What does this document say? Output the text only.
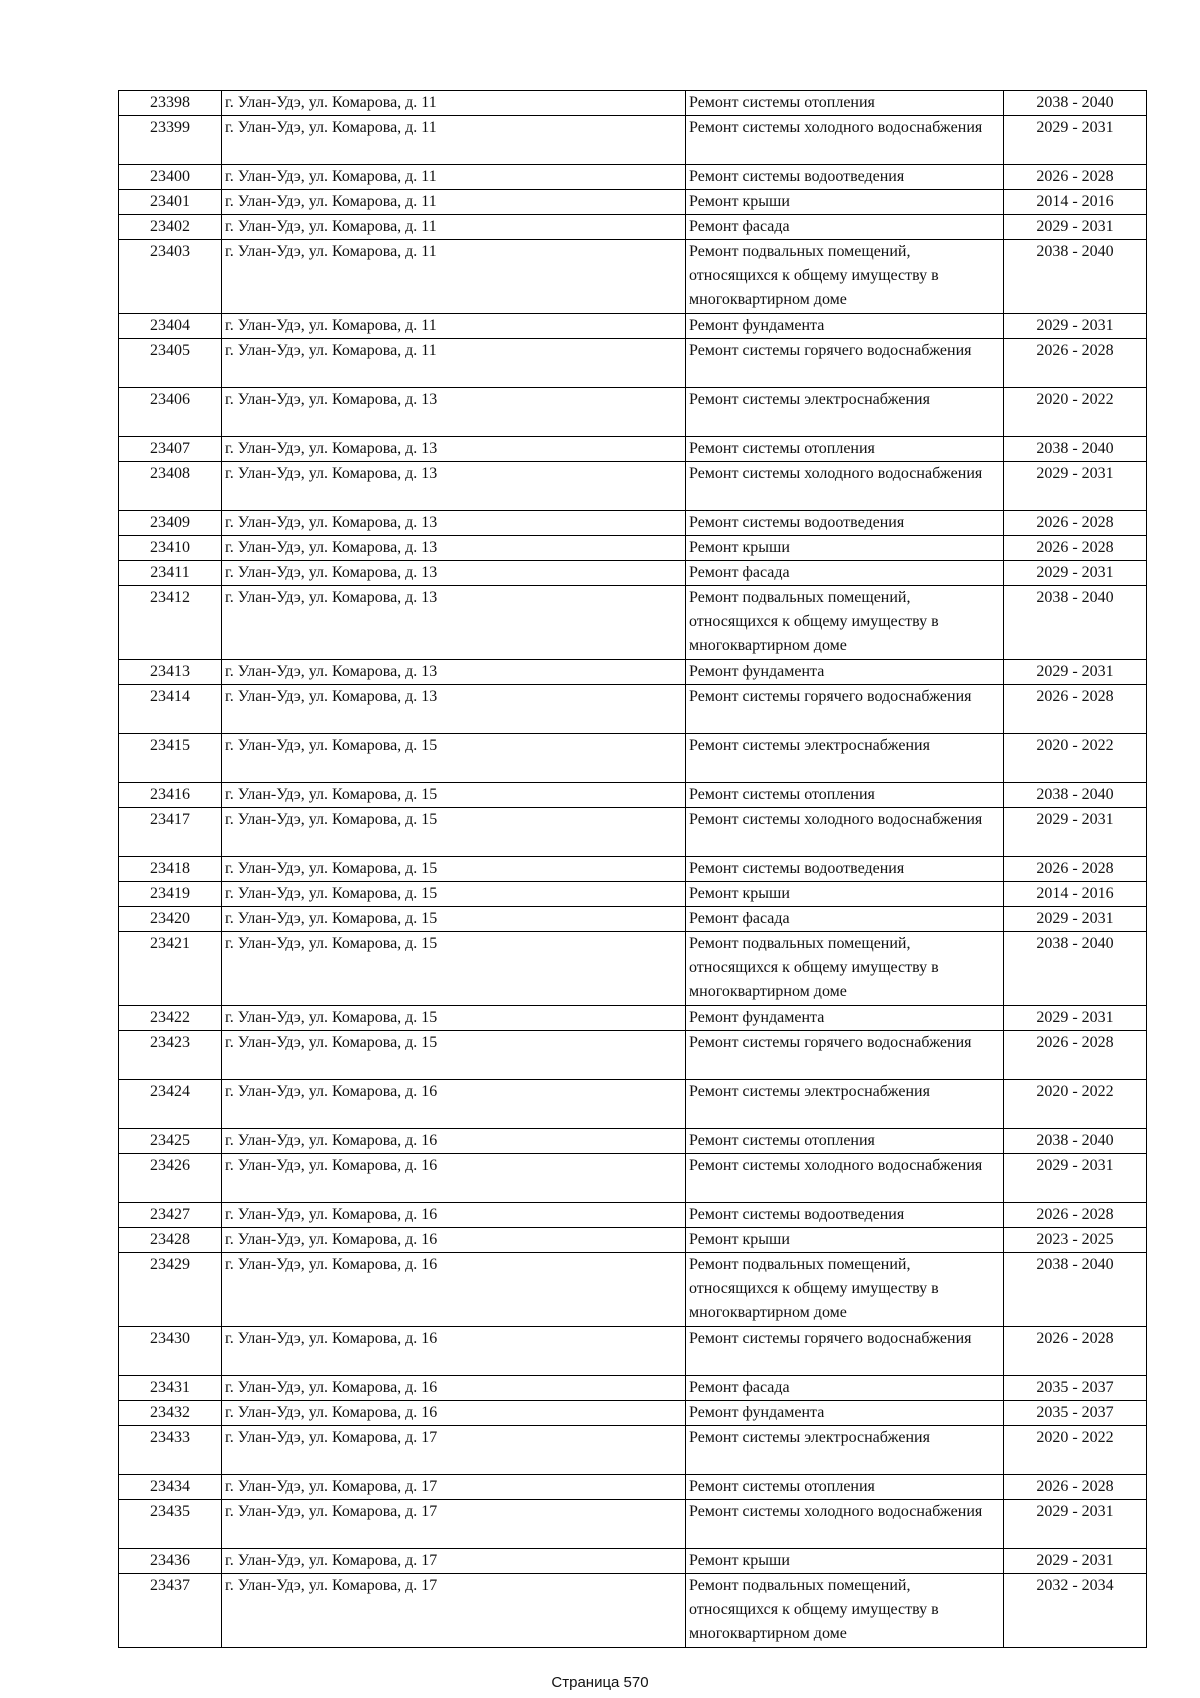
23398	г. Улан-Удэ, ул. Комарова, д. 11	Ремонт системы отопления	2038 - 2040
23399	г. Улан-Удэ, ул. Комарова, д. 11	Ремонт системы холодного водоснабжения	2029 - 2031
23400	г. Улан-Удэ, ул. Комарова, д. 11	Ремонт системы водоотведения	2026 - 2028
23401	г. Улан-Удэ, ул. Комарова, д. 11	Ремонт крыши	2014 - 2016
23402	г. Улан-Удэ, ул. Комарова, д. 11	Ремонт фасада	2029 - 2031
23403	г. Улан-Удэ, ул. Комарова, д. 11	Ремонт подвальных помещений, относящихся к общему имуществу в многоквартирном доме	2038 - 2040
23404	г. Улан-Удэ, ул. Комарова, д. 11	Ремонт фундамента	2029 - 2031
23405	г. Улан-Удэ, ул. Комарова, д. 11	Ремонт системы горячего водоснабжения	2026 - 2028
23406	г. Улан-Удэ, ул. Комарова, д. 13	Ремонт системы электроснабжения	2020 - 2022
23407	г. Улан-Удэ, ул. Комарова, д. 13	Ремонт системы отопления	2038 - 2040
23408	г. Улан-Удэ, ул. Комарова, д. 13	Ремонт системы холодного водоснабжения	2029 - 2031
23409	г. Улан-Удэ, ул. Комарова, д. 13	Ремонт системы водоотведения	2026 - 2028
23410	г. Улан-Удэ, ул. Комарова, д. 13	Ремонт крыши	2026 - 2028
23411	г. Улан-Удэ, ул. Комарова, д. 13	Ремонт фасада	2029 - 2031
23412	г. Улан-Удэ, ул. Комарова, д. 13	Ремонт подвальных помещений, относящихся к общему имуществу в многоквартирном доме	2038 - 2040
23413	г. Улан-Удэ, ул. Комарова, д. 13	Ремонт фундамента	2029 - 2031
23414	г. Улан-Удэ, ул. Комарова, д. 13	Ремонт системы горячего водоснабжения	2026 - 2028
23415	г. Улан-Удэ, ул. Комарова, д. 15	Ремонт системы электроснабжения	2020 - 2022
23416	г. Улан-Удэ, ул. Комарова, д. 15	Ремонт системы отопления	2038 - 2040
23417	г. Улан-Удэ, ул. Комарова, д. 15	Ремонт системы холодного водоснабжения	2029 - 2031
23418	г. Улан-Удэ, ул. Комарова, д. 15	Ремонт системы водоотведения	2026 - 2028
23419	г. Улан-Удэ, ул. Комарова, д. 15	Ремонт крыши	2014 - 2016
23420	г. Улан-Удэ, ул. Комарова, д. 15	Ремонт фасада	2029 - 2031
23421	г. Улан-Удэ, ул. Комарова, д. 15	Ремонт подвальных помещений, относящихся к общему имуществу в многоквартирном доме	2038 - 2040
23422	г. Улан-Удэ, ул. Комарова, д. 15	Ремонт фундамента	2029 - 2031
23423	г. Улан-Удэ, ул. Комарова, д. 15	Ремонт системы горячего водоснабжения	2026 - 2028
23424	г. Улан-Удэ, ул. Комарова, д. 16	Ремонт системы электроснабжения	2020 - 2022
23425	г. Улан-Удэ, ул. Комарова, д. 16	Ремонт системы отопления	2038 - 2040
23426	г. Улан-Удэ, ул. Комарова, д. 16	Ремонт системы холодного водоснабжения	2029 - 2031
23427	г. Улан-Удэ, ул. Комарова, д. 16	Ремонт системы водоотведения	2026 - 2028
23428	г. Улан-Удэ, ул. Комарова, д. 16	Ремонт крыши	2023 - 2025
23429	г. Улан-Удэ, ул. Комарова, д. 16	Ремонт подвальных помещений, относящихся к общему имуществу в многоквартирном доме	2038 - 2040
23430	г. Улан-Удэ, ул. Комарова, д. 16	Ремонт системы горячего водоснабжения	2026 - 2028
23431	г. Улан-Удэ, ул. Комарова, д. 16	Ремонт фасада	2035 - 2037
23432	г. Улан-Удэ, ул. Комарова, д. 16	Ремонт фундамента	2035 - 2037
23433	г. Улан-Удэ, ул. Комарова, д. 17	Ремонт системы электроснабжения	2020 - 2022
23434	г. Улан-Удэ, ул. Комарова, д. 17	Ремонт системы отопления	2026 - 2028
23435	г. Улан-Удэ, ул. Комарова, д. 17	Ремонт системы холодного водоснабжения	2029 - 2031
23436	г. Улан-Удэ, ул. Комарова, д. 17	Ремонт крыши	2029 - 2031
23437	г. Улан-Удэ, ул. Комарова, д. 17	Ремонт подвальных помещений, относящихся к общему имуществу в многоквартирном доме	2032 - 2034
Страница 570
